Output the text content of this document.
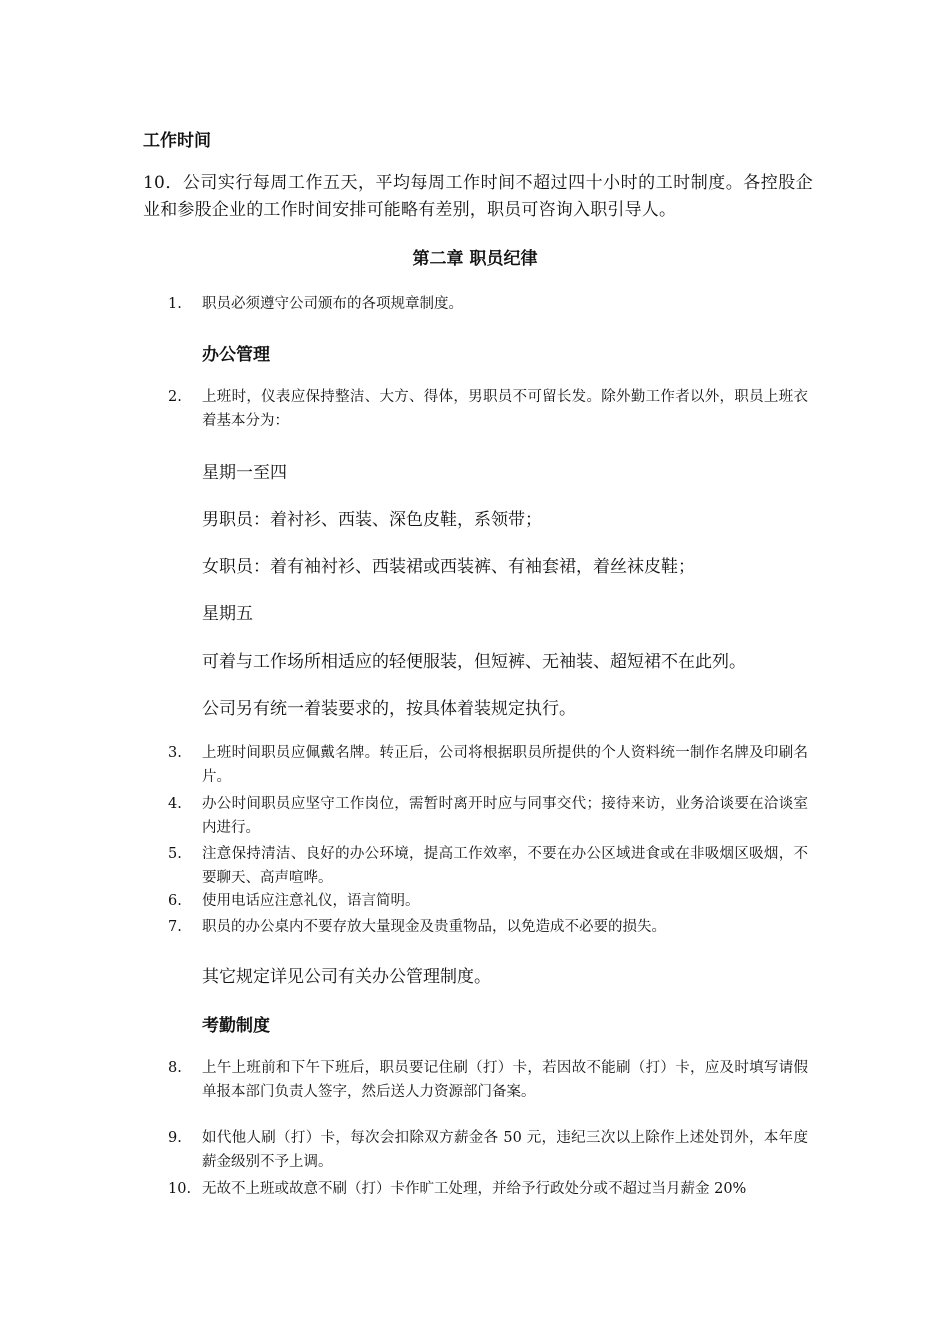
工作时间

10．公司实行每周工作五天，平均每周工作时间不超过四十小时的工时制度。各控股企业和参股企业的工作时间安排可能略有差别，职员可咨询入职引导人。

第二章 职员纪律
1.	职员必须遵守公司颁布的各项规章制度。
办公管理
2.	上班时，仪表应保持整洁、大方、得体，男职员不可留长发。除外勤工作者以外，职员上班衣着基本分为：

星期一至四

男职员：着衬衫、西装、深色皮鞋，系领带；

女职员：着有袖衬衫、西装裙或西装裤、有袖套裙，着丝袜皮鞋；

星期五

可着与工作场所相适应的轻便服装，但短裤、无袖装、超短裙不在此列。

公司另有统一着装要求的，按具体着装规定执行。

3.	上班时间职员应佩戴名牌。转正后，公司将根据职员所提供的个人资料统一制作名牌及印刷名片。
4.	办公时间职员应坚守工作岗位，需暂时离开时应与同事交代；接待来访，业务洽谈要在洽谈室内进行。
5.	注意保持清洁、良好的办公环境，提高工作效率，不要在办公区域进食或在非吸烟区吸烟，不要聊天、高声喧哗。
6.	使用电话应注意礼仪，语言简明。
7.	职员的办公桌内不要存放大量现金及贵重物品，以免造成不必要的损失。

其它规定详见公司有关办公管理制度。

考勤制度
8.	上午上班前和下午下班后，职员要记住刷（打）卡，若因故不能刷（打）卡，应及时填写请假单报本部门负责人签字，然后送人力资源部门备案。
9.	如代他人刷（打）卡，每次会扣除双方薪金各 50 元，违纪三次以上除作上述处罚外，本年度薪金级别不予上调。
10. 无故不上班或故意不刷（打）卡作旷工处理，并给予行政处分或不超过当月薪金 20%
